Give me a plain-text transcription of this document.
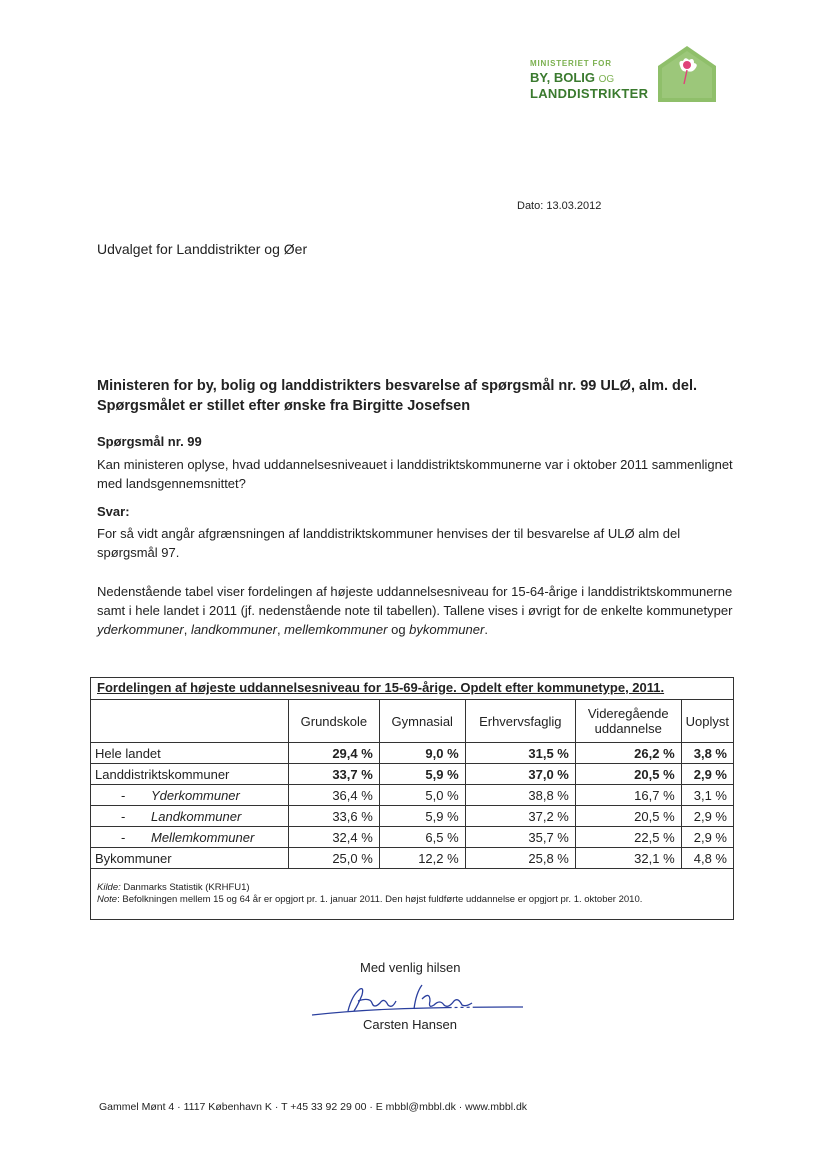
MINISTERIET FOR
BY, BOLIG OG
LANDDISTRIKTER
Dato: 13.03.2012
Udvalget for Landdistrikter og Øer
Ministeren for by, bolig og landdistrikters besvarelse af spørgsmål nr. 99 ULØ, alm. del. Spørgsmålet er stillet efter ønske fra Birgitte Josefsen
Spørgsmål nr. 99
Kan ministeren oplyse, hvad uddannelsesniveauet i landdistriktskommunerne var i oktober 2011 sammenlignet med landsgennemsnittet?
Svar:
For så vidt angår afgrænsningen af landdistriktskommuner henvises der til besvarelse af ULØ alm del spørgsmål 97.
Nedenstående tabel viser fordelingen af højeste uddannelsesniveau for 15-64-årige i landdistriktskommunerne samt i hele landet i 2011 (jf. nedenstående note til tabellen). Tallene vises i øvrigt for de enkelte kommunetyper yderkommuner, landkommuner, mellemkommuner og bykommuner.
Fordelingen af højeste uddannelsesniveau for 15-69-årige. Opdelt efter kommunetype, 2011.
	Grundskole	Gymnasial	Erhvervsfaglig	Videregående uddannelse	Uoplyst
Hele landet	29,4 %	9,0 %	31,5 %	26,2 %	3,8 %
Landdistriktskommuner	33,7 %	5,9 %	37,0 %	20,5 %	2,9 %
- Yderkommuner	36,4 %	5,0 %	38,8 %	16,7 %	3,1 %
- Landkommuner	33,6 %	5,9 %	37,2 %	20,5 %	2,9 %
- Mellemkommuner	32,4 %	6,5 %	35,7 %	22,5 %	2,9 %
Bykommuner	25,0 %	12,2 %	25,8 %	32,1 %	4,8 %
Kilde: Danmarks Statistik (KRHFU1)
Note: Befolkningen mellem 15 og 64 år er opgjort pr. 1. januar 2011. Den højst fuldførte uddannelse er opgjort pr. 1. oktober 2010.
Med venlig hilsen
Carsten Hansen
Gammel Mønt 4 · 1117 København K · T +45 33 92 29 00 · E mbbl@mbbl.dk · www.mbbl.dk
